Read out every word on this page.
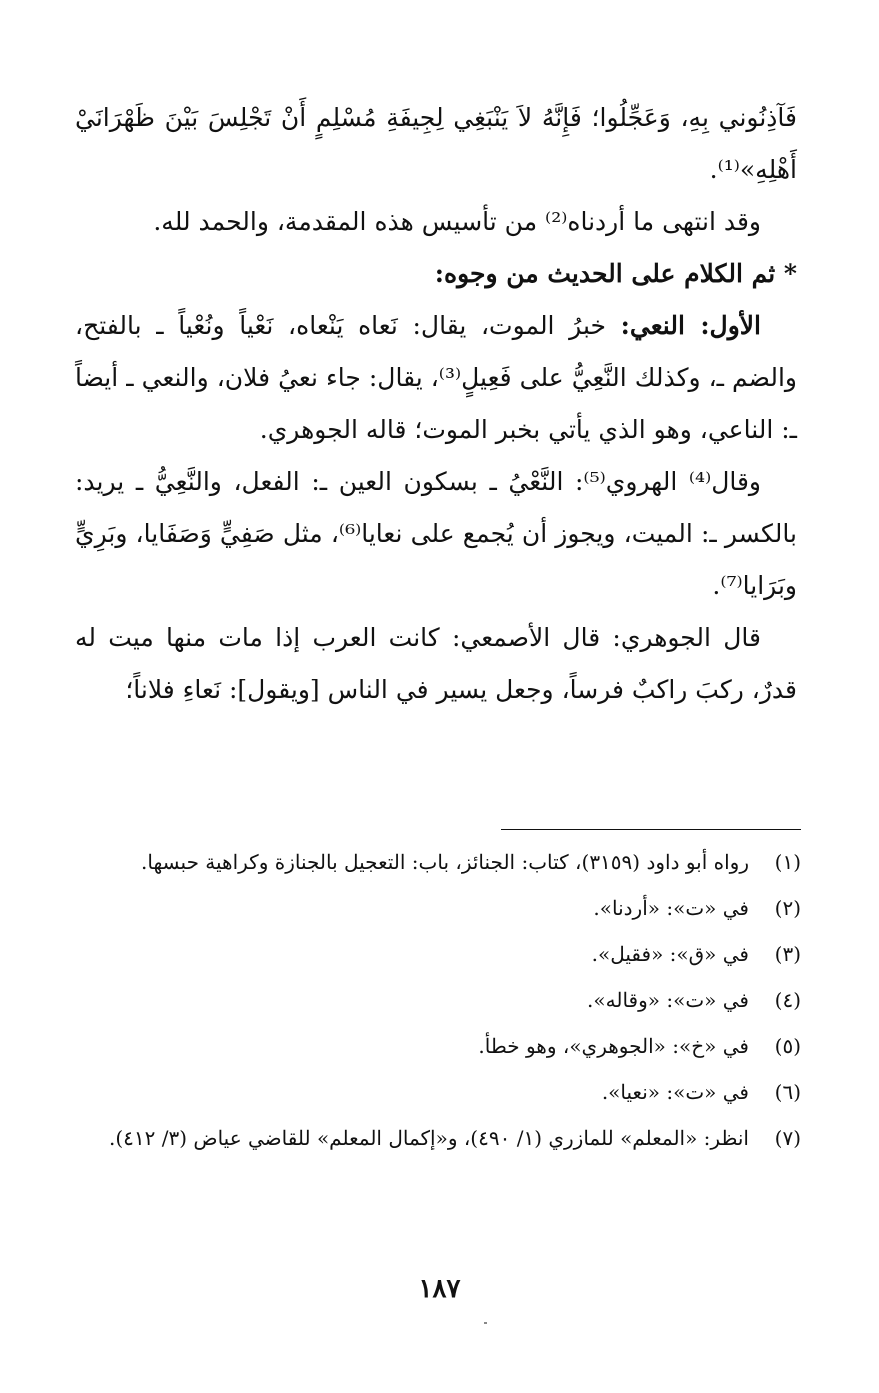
فَآذِنُوني بِهِ، وَعَجِّلُوا؛ فَإِنَّهُ لاَ يَنْبَغِي لِجِيفَةِ مُسْلِمٍ أَنْ تَجْلِسَ بَيْنَ ظَهْرَانَيْ أَهْلِهِ»⁽¹⁾.

وقد انتهى ما أردناه⁽²⁾ من تأسيس هذه المقدمة، والحمد لله.

* ثم الكلام على الحديث من وجوه:

الأول: النعي: خبرُ الموت، يقال: نَعاه يَنْعاه، نَعْياً ونُعْياً ـ بالفتح، والضم ـ، وكذلك النَّعِيُّ على فَعِيلٍ⁽³⁾، يقال: جاء نعيُ فلان، والنعي ـ أيضاً ـ: الناعي، وهو الذي يأتي بخبر الموت؛ قاله الجوهري.

وقال⁽⁴⁾ الهروي⁽⁵⁾: النَّعْيُ ـ بسكون العين ـ: الفعل، والنَّعِيُّ ـ يريد: بالكسر ـ: الميت، ويجوز أن يُجمع على نعايا⁽⁶⁾، مثل صَفِيٍّ وَصَفَايا، وبَرِيٍّ وبَرَايا⁽⁷⁾.

قال الجوهري: قال الأصمعي: كانت العرب إذا مات منها ميت له قدرٌ، ركبَ راكبٌ فرساً، وجعل يسير في الناس [ويقول]: نَعاءِ فلاناً؛

(١)
رواه أبو داود (٣١٥٩)، كتاب: الجنائز، باب: التعجيل بالجنازة وكراهية حبسها.
(٢)
في «ت»: «أردنا».
(٣)
في «ق»: «فقيل».
(٤)
في «ت»: «وقاله».
(٥)
في «خ»: «الجوهري»، وهو خطأ.
(٦)
في «ت»: «نعيا».
(٧)
انظر: «المعلم» للمازري (١/ ٤٩٠)، و«إكمال المعلم» للقاضي عياض (٣/ ٤١٢).
١٨٧
